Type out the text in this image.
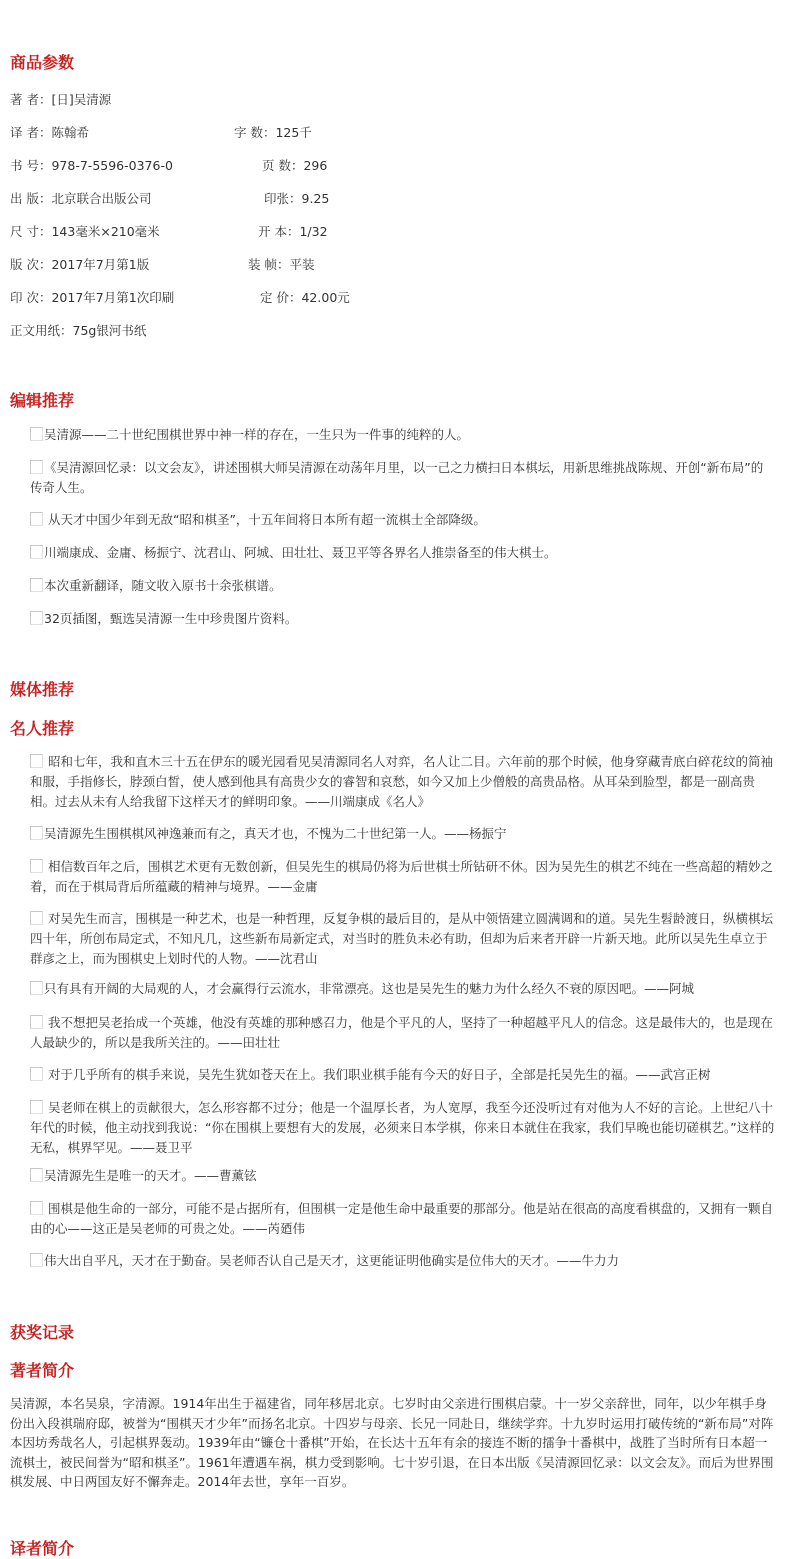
商品参数
著 者：[日]吴清源
译 者：陈翰希	字 数：125千
书 号：978-7-5596-0376-0	页 数：296
出 版：北京联合出版公司	印张：9.25
尺 寸：143毫米×210毫米	开 本：1/32
版 次：2017年7月第1版	装 帧：平装
印 次：2017年7月第1次印刷	定 价：42.00元
正文用纸：75g银河书纸
编辑推荐
吴清源——二十世纪围棋世界中神一样的存在，一生只为一件事的纯粹的人。
《吴清源回忆录：以文会友》，讲述围棋大师吴清源在动荡年月里，以一己之力横扫日本棋坛，用新思维挑战陈规、开创“新布局”的传奇人生。
从天才中国少年到无敌“昭和棋圣”，十五年间将日本所有超一流棋士全部降级。
川端康成、金庸、杨振宁、沈君山、阿城、田壮壮、聂卫平等各界名人推崇备至的伟大棋士。
本次重新翻译，随文收入原书十余张棋谱。
32页插图，甄选吴清源一生中珍贵图片资料。
媒体推荐
名人推荐
昭和七年，我和直木三十五在伊东的暖光园看见吴清源同名人对弈，名人让二目。六年前的那个时候，他身穿藏青底白碎花纹的简袖和服，手指修长，脖颈白皙，使人感到他具有高贵少女的睿智和哀愁，如今又加上少僧般的高贵品格。从耳朵到脸型，都是一副高贵相。过去从未有人给我留下这样天才的鲜明印象。——川端康成《名人》
吴清源先生围棋棋风神逸兼而有之，真天才也，不愧为二十世纪第一人。——杨振宁
相信数百年之后，围棋艺术更有无数创新，但吴先生的棋局仍将为后世棋士所钻研不休。因为吴先生的棋艺不纯在一些高超的精妙之着，而在于棋局背后所蕴藏的精神与境界。——金庸
对吴先生而言，围棋是一种艺术，也是一种哲理，反复争棋的最后目的，是从中领悟建立圆满调和的道。吴先生髫龄渡日，纵横棋坛四十年，所创布局定式，不知凡几，这些新布局新定式，对当时的胜负未必有助，但却为后来者开辟一片新天地。此所以吴先生卓立于群彦之上，而为围棋史上划时代的人物。——沈君山
只有具有开阔的大局观的人，才会赢得行云流水，非常漂亮。这也是吴先生的魅力为什么经久不衰的原因吧。——阿城
我不想把吴老抬成一个英雄，他没有英雄的那种感召力，他是个平凡的人，坚持了一种超越平凡人的信念。这是最伟大的，也是现在人最缺少的，所以是我所关注的。——田壮壮
对于几乎所有的棋手来说，吴先生犹如苍天在上。我们职业棋手能有今天的好日子，全部是托吴先生的福。——武宫正树
吴老师在棋上的贡献很大，怎么形容都不过分；他是一个温厚长者，为人宽厚，我至今还没听过有对他为人不好的言论。上世纪八十年代的时候，他主动找到我说：“你在围棋上要想有大的发展，必须来日本学棋，你来日本就住在我家，我们早晚也能切磋棋艺。”这样的无私，棋界罕见。——聂卫平
吴清源先生是唯一的天才。——曹薰铉
围棋是他生命的一部分，可能不是占据所有，但围棋一定是他生命中最重要的那部分。他是站在很高的高度看棋盘的，又拥有一颗自由的心——这正是吴老师的可贵之处。——芮廼伟
伟大出自平凡，天才在于勤奋。吴老师否认自己是天才，这更能证明他确实是位伟大的天才。——牛力力
获奖记录
著者简介
吴清源，本名吴泉，字清源。1914年出生于福建省，同年移居北京。七岁时由父亲进行围棋启蒙。十一岁父亲辞世，同年，以少年棋手身份出入段祺瑞府邸，被誉为“围棋天才少年”而扬名北京。十四岁与母亲、长兄一同赴日，继续学弈。十九岁时运用打破传统的“新布局”对阵本因坊秀哉名人，引起棋界轰动。1939年由“镰仓十番棋”开始，在长达十五年有余的接连不断的擂争十番棋中，战胜了当时所有日本超一流棋士，被民间誉为“昭和棋圣”。1961年遭遇车祸，棋力受到影响。七十岁引退，在日本出版《吴清源回忆录：以文会友》。而后为世界围棋发展、中日两国友好不懈奔走。2014年去世，享年一百岁。
译者简介
